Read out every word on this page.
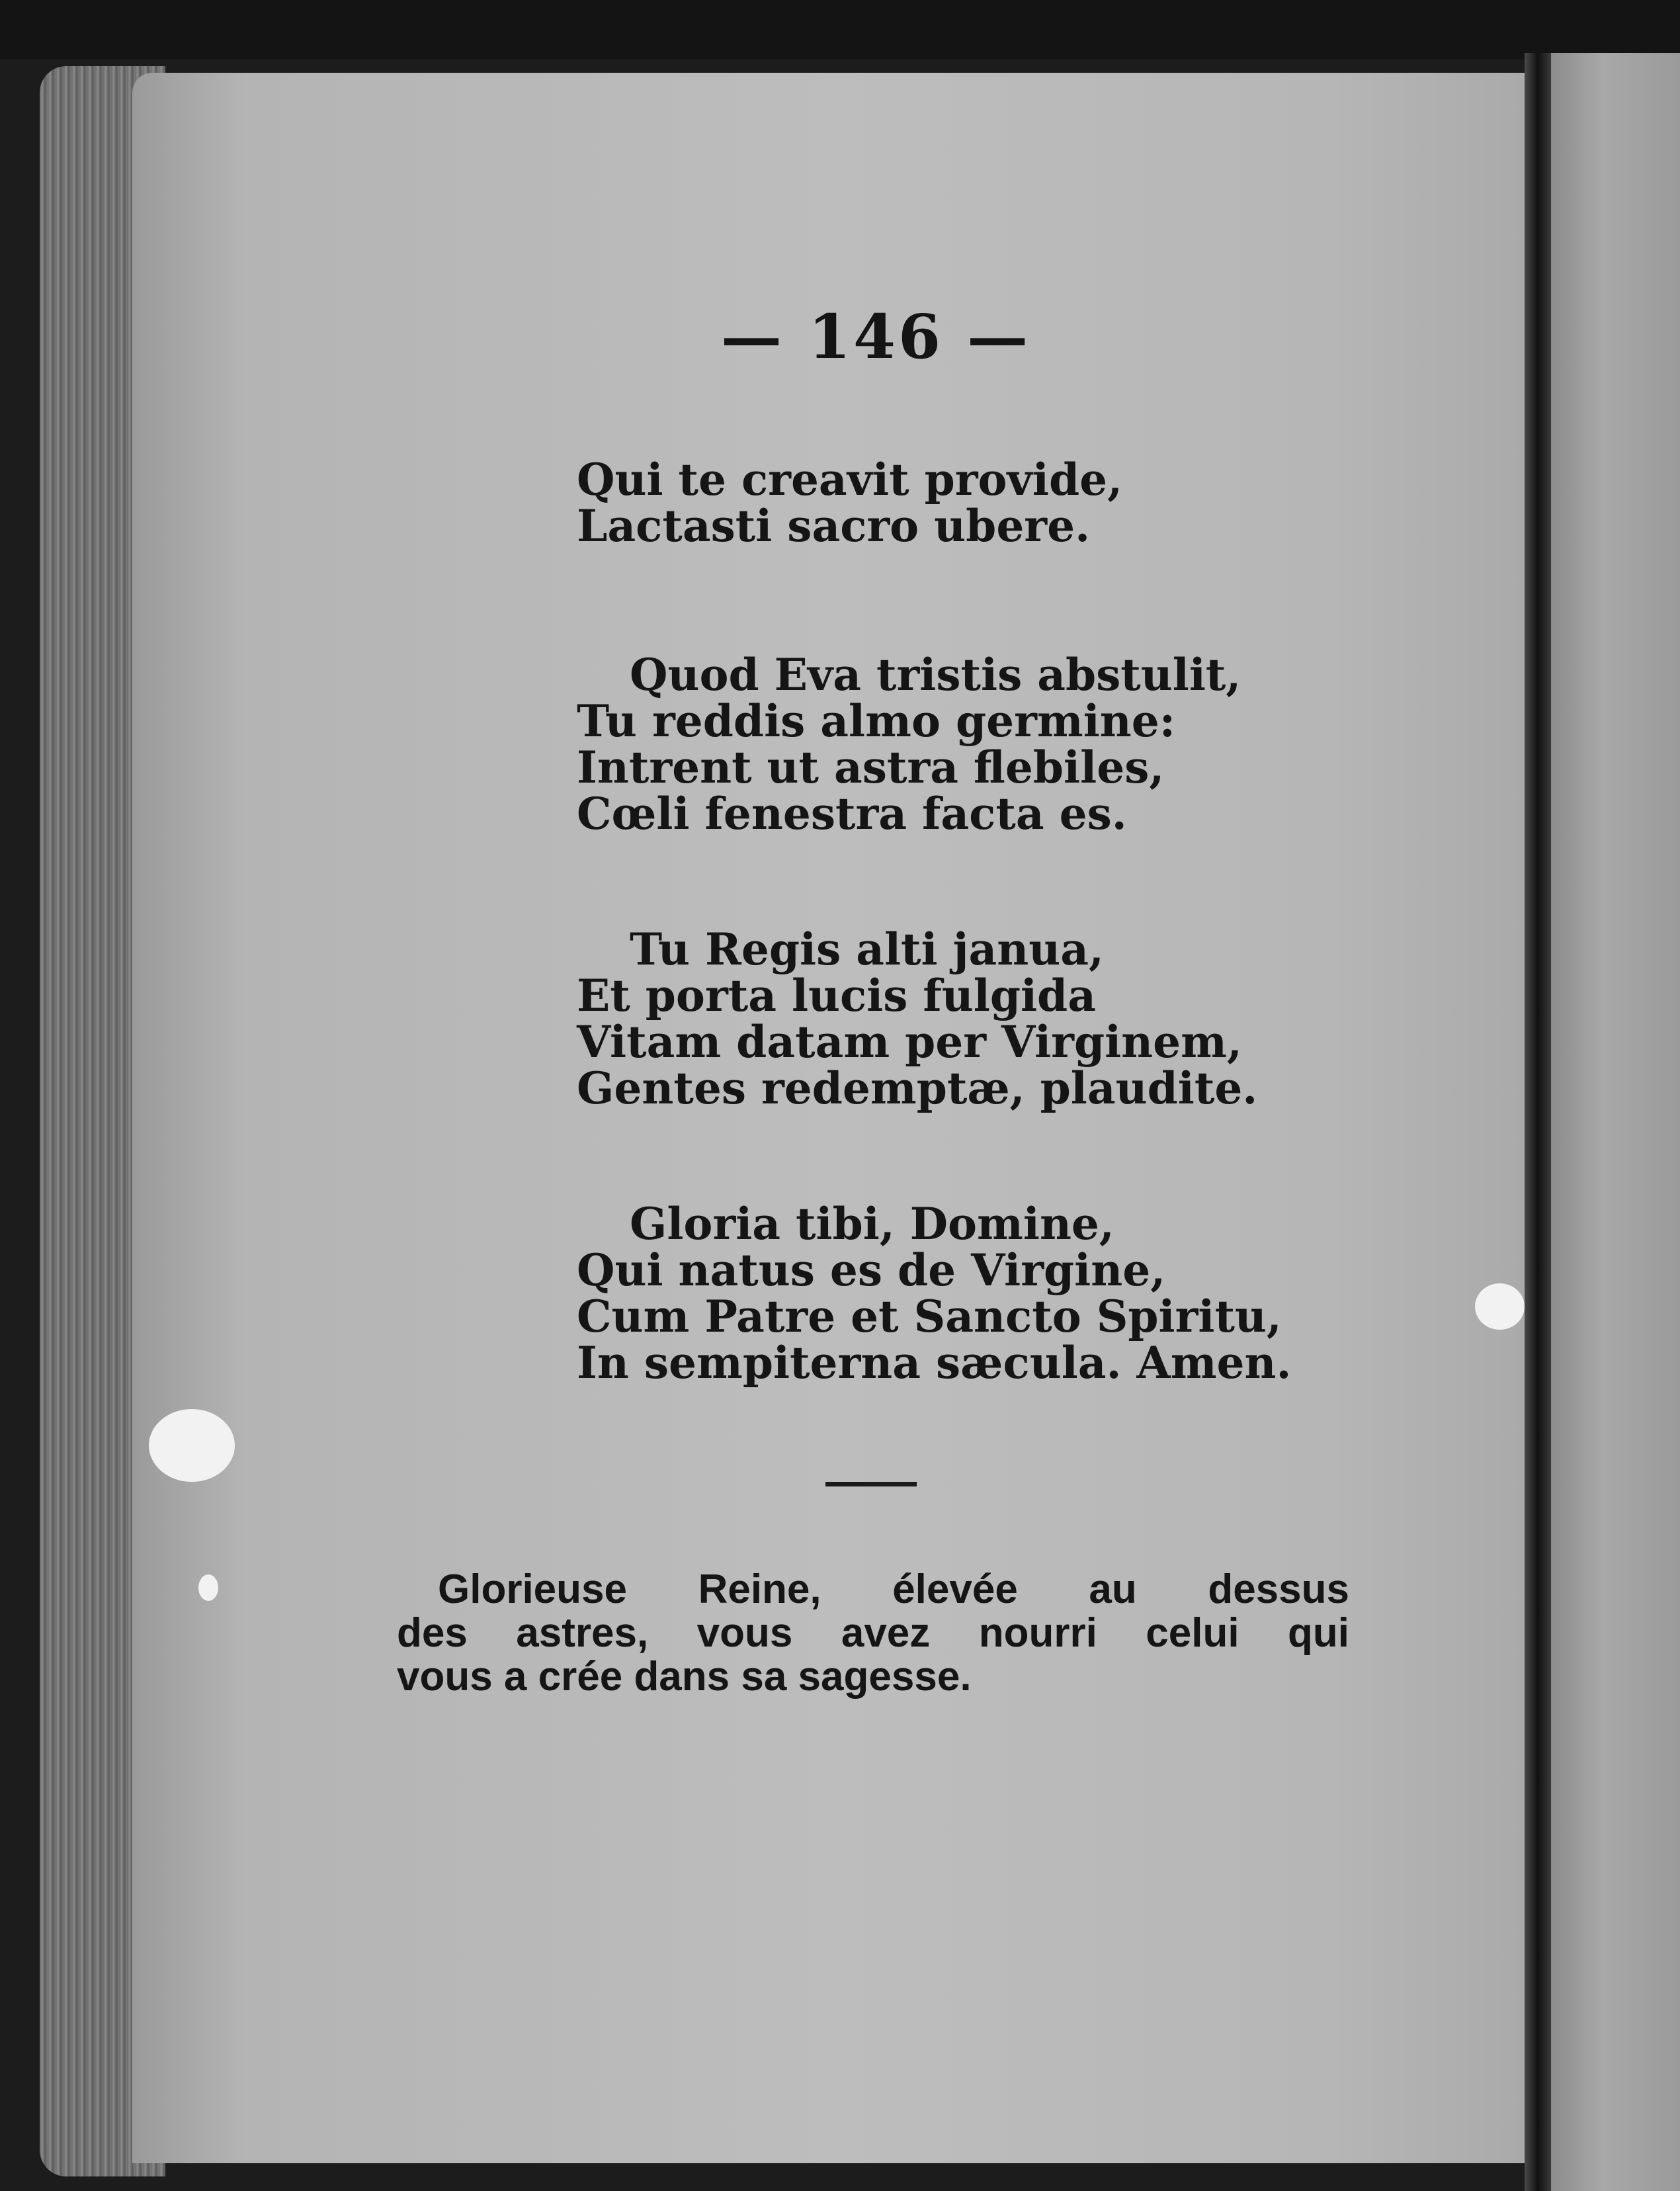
— 146 —
Qui te creavit provide,
Lactasti sacro ubere.
Quod Eva tristis abstulit,
Tu reddis almo germine:
Intrent ut astra flebiles,
Cœli fenestra facta es.
Tu Regis alti janua,
Et porta lucis fulgida
Vitam datam per Virginem,
Gentes redemptæ, plaudite.
Gloria tibi, Domine,
Qui natus es de Virgine,
Cum Patre et Sancto Spiritu,
In sempiterna sæcula. Amen.
Glorieuse Reine, élevée au dessus
des astres, vous avez nourri celui qui
vous a crée dans sa sagesse.
